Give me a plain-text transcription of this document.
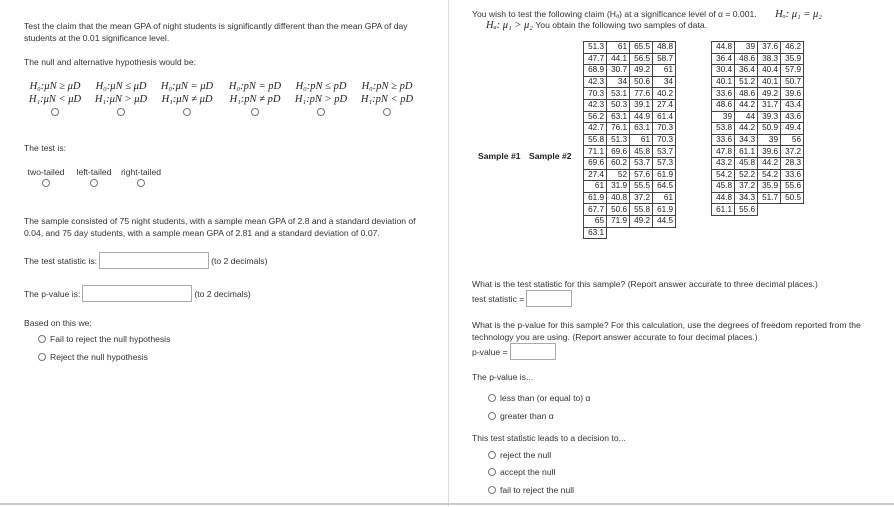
Test the claim that the mean GPA of night students is significantly different than the mean GPA of day
students at the 0.01 significance level.
The null and alternative hypothesis would be:
H₀:μN ≥ μD
H₁:μN < μD
H₀:μN ≤ μD
H₁:μN > μD
H₀:μN = μD
H₁:μN ≠ μD
H₀:pN = pD
H₁:pN ≠ pD
H₀:pN ≤ pD
H₁:pN > pD
H₀:pN ≥ pD
H₁:pN < pD
The test is:
two-tailed	left-tailed	right-tailed
The sample consisted of 75 night students, with a sample mean GPA of 2.8 and a standard deviation of
0.04, and 75 day students, with a sample mean GPA of 2.81 and a standard deviation of 0.07.
The test statistic is:	(to 2 decimals)
The p-value is:	(to 2 decimals)
Based on this we:
Fail to reject the null hypothesis
Reject the null hypothesis
You wish to test the following claim (Hₐ) at a significance level of α = 0.001. Hₒ: μ₁ = μ₂
Hₐ: μ₁ > μ₂ You obtain the following two samples of data.
Sample #1 Sample #2
51.3	61	65.5	48.8
47.7	44.1	56.5	58.7
68.9	30.7	49.2	61
42.3	34	50.6	34
70.3	53.1	77.6	40.2
42.3	50.3	39.1	27.4
56.2	63.1	44.9	61.4
42.7	76.1	63.1	70.3
55.8	51.3	61	70.3
71.1	69.6	45.8	53.7
69.6	60.2	53.7	57.3
27.4	52	57.6	61.9
61	31.9	55.5	64.5
61.9	40.8	37.2	61
67.7	50.6	55.8	61.9
65	71.9	49.2	44.5
63.1			
44.8	39	37.6	46.2
36.4	48.6	38.3	35.9
30.4	36.4	40.4	57.9
40.1	51.2	40.1	50.7
33.6	48.6	49.2	39.6
48.6	44.2	31.7	43.4
39	44	39.3	43.6
53.8	44.2	50.9	49.4
33.6	34.3	39	56
47.8	61.1	39.6	37.2
43.2	45.8	44.2	28.3
54.2	52.2	54.2	33.6
45.8	37.2	35.9	55.6
44.8	34.3	51.7	50.5
61.1	55.6		
What is the test statistic for this sample? (Report answer accurate to three decimal places.)
test statistic =
What is the p-value for this sample? For this calculation, use the degrees of freedom reported from the
technology you are using. (Report answer accurate to four decimal places.)
p-value =
The p-value is...
less than (or equal to) α
greater than α
This test statistic leads to a decision to...
reject the null
accept the null
fail to reject the null
